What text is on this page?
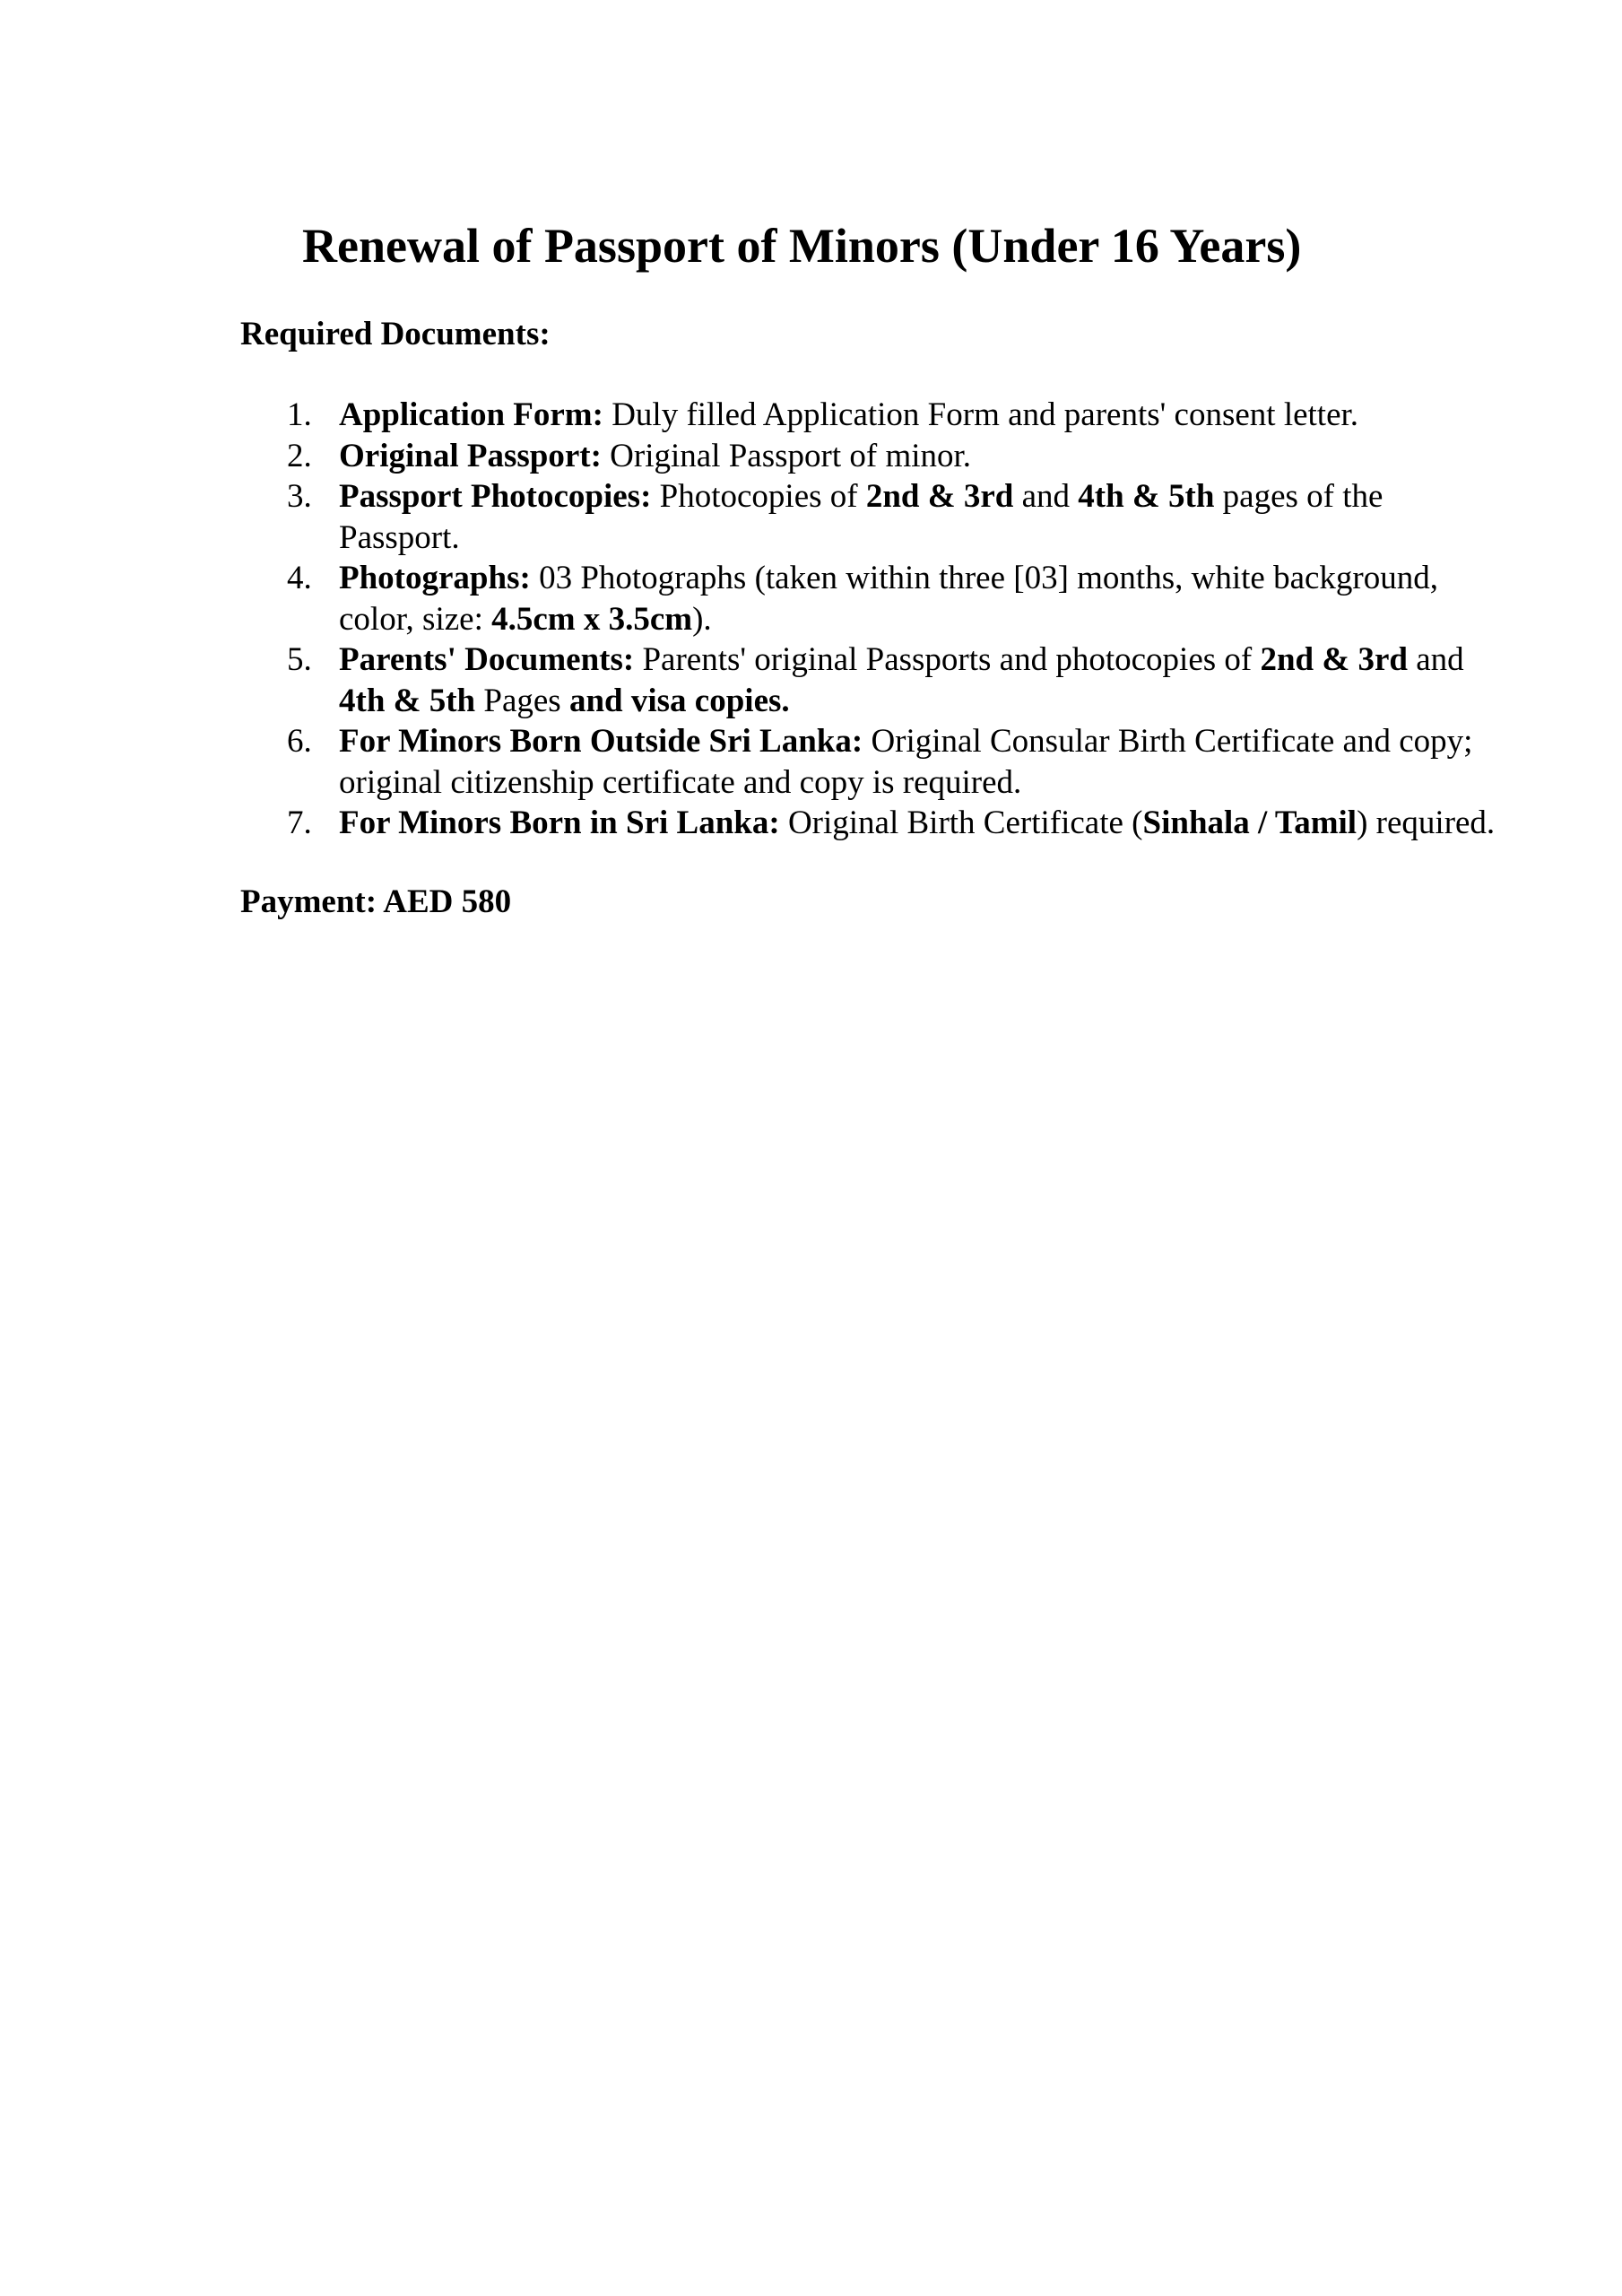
Renewal of Passport of Minors (Under 16 Years)
Required Documents:
1. Application Form: Duly filled Application Form and parents' consent letter.
2. Original Passport: Original Passport of minor.
3. Passport Photocopies: Photocopies of 2nd & 3rd and 4th & 5th pages of the
Passport.
4. Photographs: 03 Photographs (taken within three [03] months, white background,
color, size: 4.5cm x 3.5cm).
5. Parents' Documents: Parents' original Passports and photocopies of 2nd & 3rd and
4th & 5th Pages and visa copies.
6. For Minors Born Outside Sri Lanka: Original Consular Birth Certificate and copy;
original citizenship certificate and copy is required.
7. For Minors Born in Sri Lanka: Original Birth Certificate (Sinhala / Tamil) required.
Payment: AED 580
